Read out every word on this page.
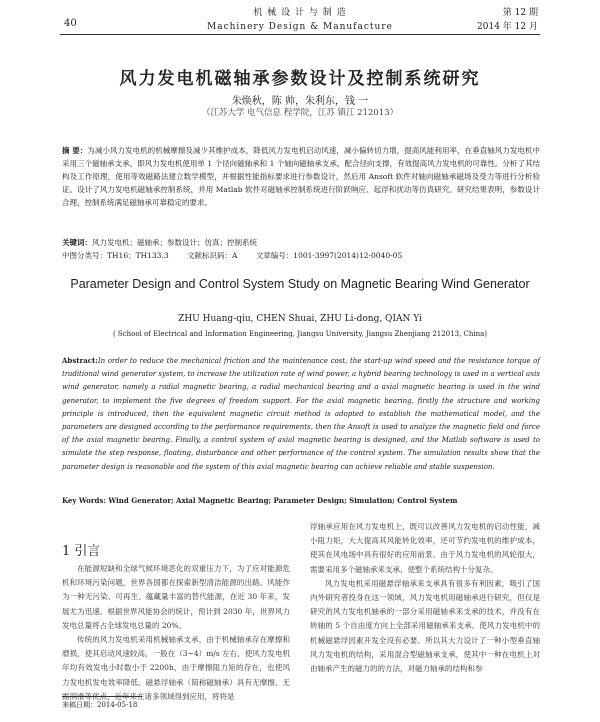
40
机 械 设 计 与 制 造
Machinery Design & Manufacture
第 12 期
2014 年 12 月
风力发电机磁轴承参数设计及控制系统研究
朱焕秋，陈 帅，朱利东，钱 一
（江苏大学 电气信息 程学院，江苏 镇江 212013）
摘 要：为减小风力发电机的机械摩擦及减少其维护成本，降低风力发电机启动风速，减小偏转切力增，提高风能利用率，在垂直轴风力发电机中采用三个磁轴承支承，即风力发电机使用单 1 个径向磁轴承和 1 个轴向磁轴承支承，配合径向支撑，有效提高风力发电机的可靠性。分析了其结构及工作原理，使用等效磁路法建立数学模型，并根据性能指标要求进行参数设计，然后用 Ansoft 软件对轴向磁轴承磁场及受力等进行分析验证。设计了风力发电机磁轴承控制系统，并用 Matlab 软件对磁轴承控制系统进行阶跃响应、起浮和扰动等仿真研究。研究结果表明，参数设计合理，控制系统满足磁轴承可靠稳定的要求。
关键词：风力发电机；磁轴承；参数设计；仿真；控制系统
中图分类号：TH16；TH133.3 文献标识码：A 文章编号：1001-3997(2014)12-0040-05
Parameter Design and Control System Study on Magnetic Bearing Wind Generator
ZHU Huang-qiu, CHEN Shuai, ZHU Li-dong, QIAN Yi
( School of Electrical and Information Engineering, Jiangsu University, Jiangsu Zhenjiang 212013, China)
Abstract:In order to reduce the mechanical friction and the maintenance cost, the start-up wind speed and the resistance torque of traditional wind generator system, to increase the utilization rate of wind power, a hybrid bearing technology is used in a vertical axis wind generator, namely a radial magnetic bearing, a radial mechanical bearing and a axial magnetic bearing is used in the wind generator, to implement the five degrees of freedom support. For the axial magnetic bearing, firstly the structure and working principle is introduced, then the equivalent magnetic circuit method is adopted to establish the mathematical model, and the parameters are designed according to the performance requirements, then the Ansoft is used to analyze the magnetic field and force of the axial magnetic bearing. Finally, a control system of axial magnetic bearing is designed, and the Matlab software is used to simulate the step response, floating, disturbance and other performance of the control system. The simulation results show that the parameter design is reasonable and the system of this axial magnetic bearing can achieve reliable and stable suspension.
Key Words: Wind Generator; Axial Magnetic Bearing; Parameter Design; Simulation; Control System
1 引言

在能源短缺和全球气候环境恶化的双重压力下，为了应对能源危机和环境污染问题，世界各国都在探索新型清洁能源的出路。风能作为一种无污染、可再生、蕴藏量丰富的替代能源，在近 30 年来，发展尤为迅速。根据世界风能协会的统计，预计到 2030 年，世界风力发电总量将占全球发电总量的 20%。

传统的风力发电机采用机械轴承支承，由于机械轴承存在摩擦和磨损，使其启动风速较高，一般在（3~4）m/s 左右，使风力发电机年均有效发电小时数小于 2200h，由于摩擦阻力矩的存在，也使风力发电机发电效率降低。磁悬浮轴承（简称磁轴承）具有无摩擦、无需润滑等优点，近年来在诸多领域得到应用，将将是

浮轴承应用在风力发电机上，既可以改善风力发电机的启动性能，减小阻力矩，大大提高其风能转化效率，还可节约发电机的维护成本，使其在风电场中具有很好的应用前景。由于风力发电机的风轮很大，需要采用多个磁轴承来支承，使整个系统结构十分复杂。

风力发电机采用磁悬浮轴承来支承具有很多有利因素，吸引了国内外研究者投身在这一领域，风力发电机用磁轴承进行研究，但仅是研究的风力发电机轴承的一部分采用磁轴承来支承的技术，并没有在转轴的 5 个自由度方向上全部采用磁轴承来支承。使风力发电机中的机械磁悬浮因素开发全没有必要。所以其大力设计了一种小型垂直轴风力发电机的结构，采用混合型磁轴承支承，使其中一种在电机上对由轴承产生的磁力的的方法，对磁力轴承的结构和参

来稿日期：2014-05-18
